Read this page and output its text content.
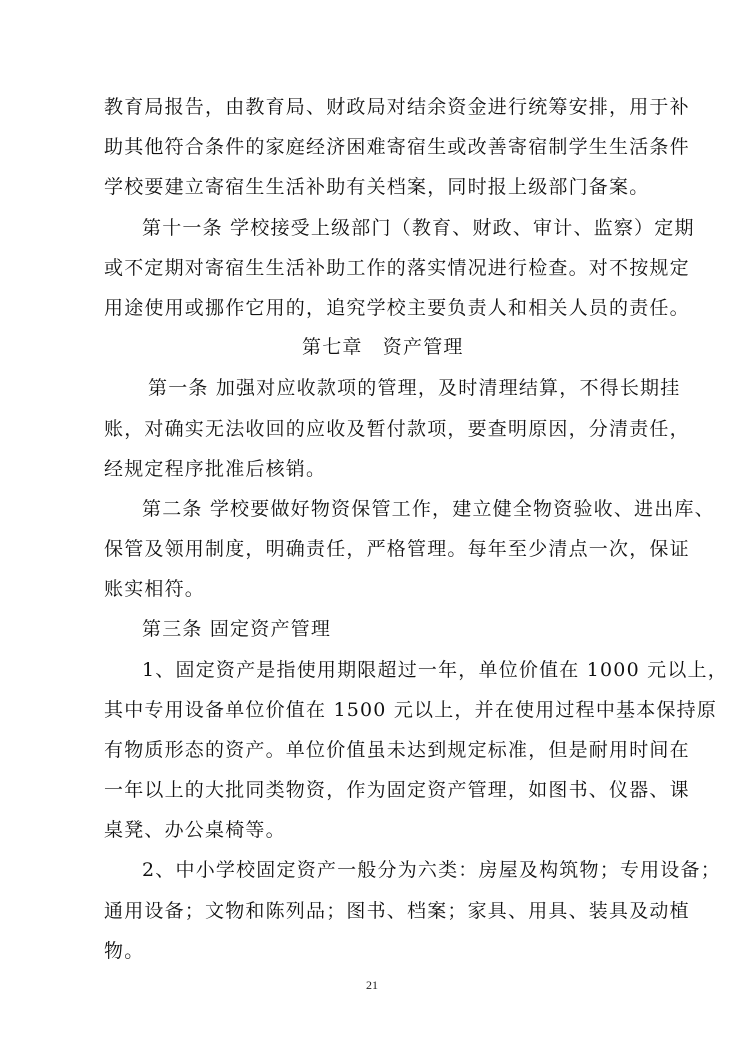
教育局报告，由教育局、财政局对结余资金进行统筹安排，用于补
助其他符合条件的家庭经济困难寄宿生或改善寄宿制学生生活条件
学校要建立寄宿生生活补助有关档案，同时报上级部门备案。
第十一条 学校接受上级部门（教育、财政、审计、监察）定期
或不定期对寄宿生生活补助工作的落实情况进行检查。对不按规定
用途使用或挪作它用的，追究学校主要负责人和相关人员的责任。
第七章　资产管理
第一条 加强对应收款项的管理，及时清理结算，不得长期挂
账，对确实无法收回的应收及暂付款项，要查明原因，分清责任，
经规定程序批准后核销。
第二条 学校要做好物资保管工作，建立健全物资验收、进出库、
保管及领用制度，明确责任，严格管理。每年至少清点一次，保证
账实相符。
第三条 固定资产管理
1、固定资产是指使用期限超过一年，单位价值在 1000 元以上，
其中专用设备单位价值在 1500 元以上，并在使用过程中基本保持原
有物质形态的资产。单位价值虽未达到规定标准，但是耐用时间在
一年以上的大批同类物资，作为固定资产管理，如图书、仪器、课
桌凳、办公桌椅等。
2、中小学校固定资产一般分为六类：房屋及构筑物；专用设备；
通用设备；文物和陈列品；图书、档案；家具、用具、装具及动植
物。
21
